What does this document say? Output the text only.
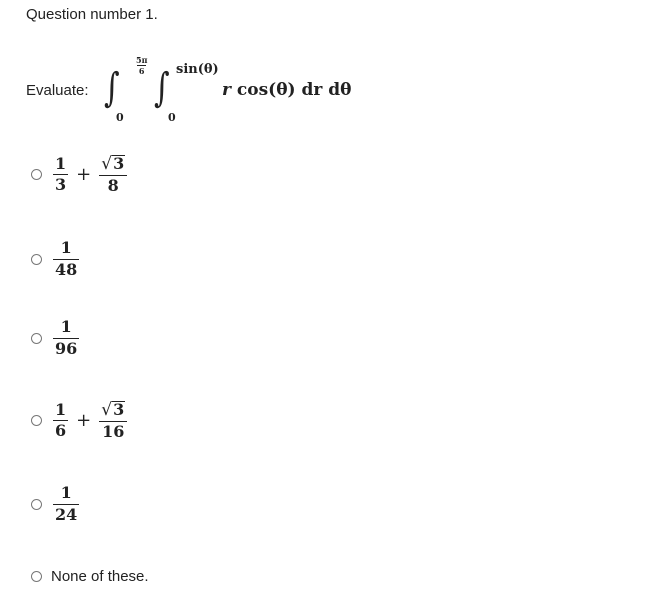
Question number 1.
Evaluate: ∫
5π
6
0
∫ sin(θ)
0
r cos(θ) dr dθ
$\frac{1}{3} + \frac{√ 3}{8}$
$\frac{1}{48}$
$\frac{1}{96}$
$\frac{1}{6} + \frac{√ 3}{16}$
$\frac{1}{24}$
None of these.
